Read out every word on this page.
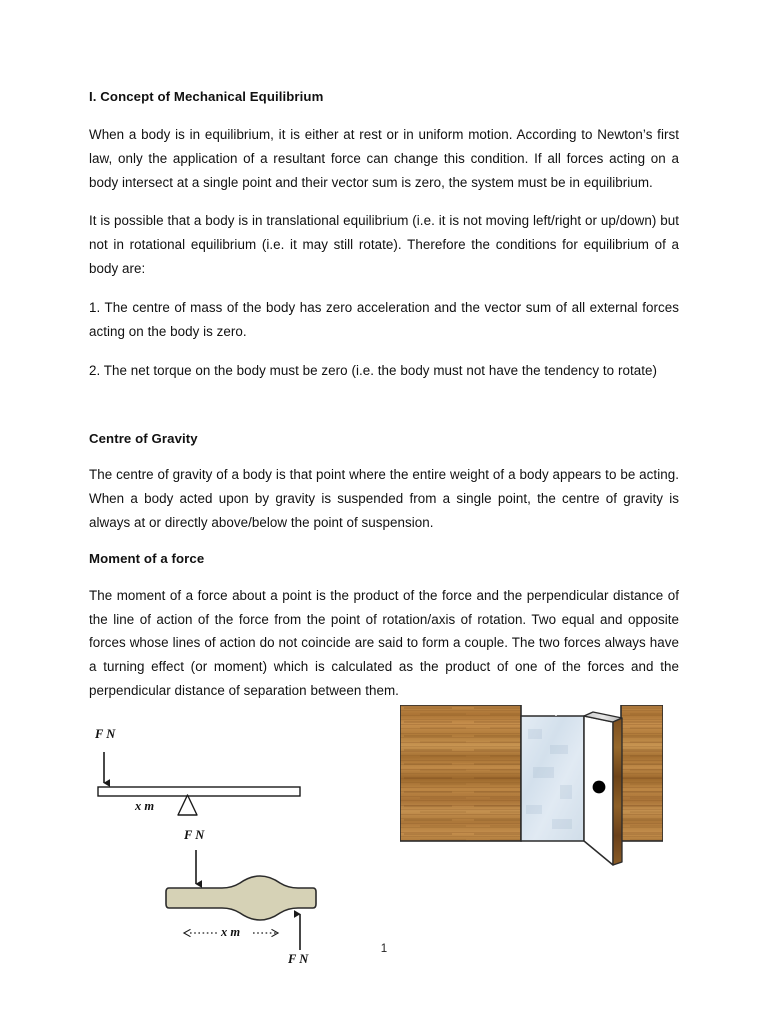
I. Concept of Mechanical Equilibrium

When a body is in equilibrium, it is either at rest or in uniform motion. According to Newton’s first law, only the application of a resultant force can change this condition. If all forces acting on a body intersect at a single point and their vector sum is zero, the system must be in equilibrium.

It is possible that a body is in translational equilibrium (i.e. it is not moving left/right or up/down) but not in rotational equilibrium (i.e. it may still rotate). Therefore the conditions for equilibrium of a body are:

1. The centre of mass of the body has zero acceleration and the vector sum of all external forces acting on the body is zero.

2. The net torque on the body must be zero (i.e. the body must not have the tendency to rotate)

Centre of Gravity

The centre of gravity of a body is that point where the entire weight of a body appears to be acting. When a body acted upon by gravity is suspended from a single point, the centre of gravity is always at or directly above/below the point of suspension.

Moment of a force

The moment of a force about a point is the product of the force and the perpendicular distance of the line of action of the force from the point of rotation/axis of rotation. Two equal and opposite forces whose lines of action do not coincide are said to form a couple. The two forces always have a turning effect (or moment) which is calculated as the product of one of the forces and the perpendicular distance of separation between them.

F N
x m
F N
x m
F N
1
